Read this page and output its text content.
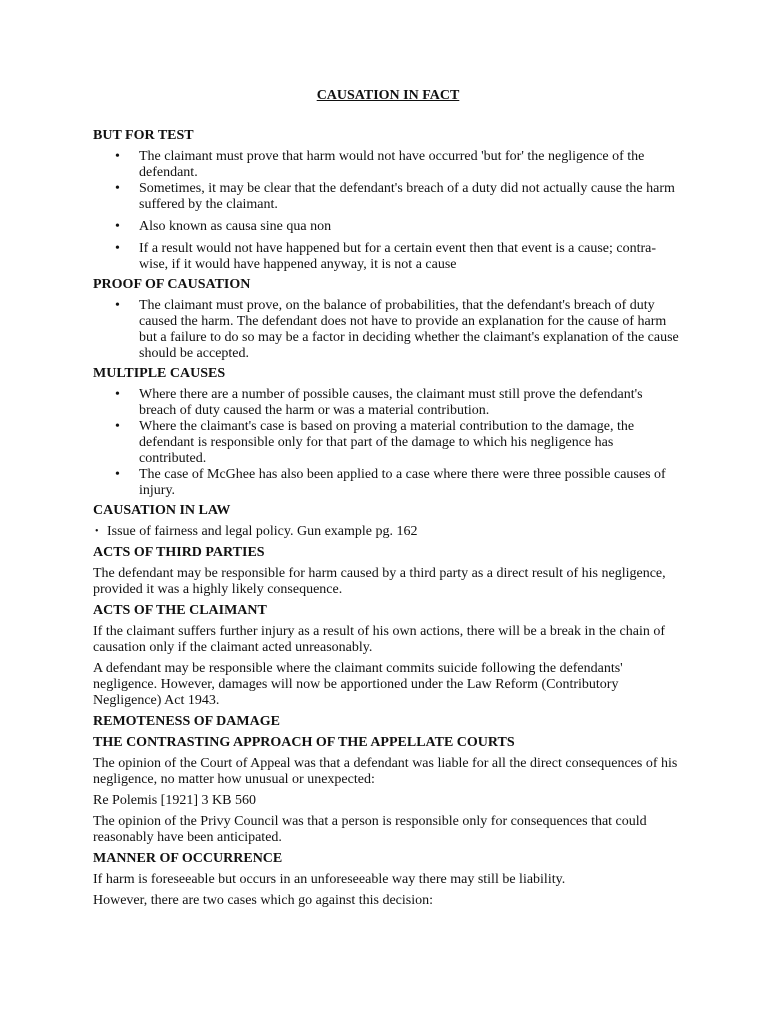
CAUSATION IN FACT
BUT FOR TEST
• The claimant must prove that harm would not have occurred 'but for' the negligence of the defendant.
• Sometimes, it may be clear that the defendant's breach of a duty did not actually cause the harm suffered by the claimant.
• Also known as causa sine qua non
• If a result would not have happened but for a certain event then that event is a cause; contra-wise, if it would have happened anyway, it is not a cause
PROOF OF CAUSATION
• The claimant must prove, on the balance of probabilities, that the defendant's breach of duty caused the harm. The defendant does not have to provide an explanation for the cause of harm but a failure to do so may be a factor in deciding whether the claimant's explanation of the cause should be accepted.
MULTIPLE CAUSES
• Where there are a number of possible causes, the claimant must still prove the defendant's breach of duty caused the harm or was a material contribution.
• Where the claimant's case is based on proving a material contribution to the damage, the defendant is responsible only for that part of the damage to which his negligence has contributed.
• The case of McGhee has also been applied to a case where there were three possible causes of injury.
CAUSATION IN LAW
• Issue of fairness and legal policy. Gun example pg. 162
ACTS OF THIRD PARTIES

The defendant may be responsible for harm caused by a third party as a direct result of his negligence, provided it was a highly likely consequence.

ACTS OF THE CLAIMANT

If the claimant suffers further injury as a result of his own actions, there will be a break in the chain of causation only if the claimant acted unreasonably.

A defendant may be responsible where the claimant commits suicide following the defendants' negligence. However, damages will now be apportioned under the Law Reform (Contributory Negligence) Act 1943.

REMOTENESS OF DAMAGE
THE CONTRASTING APPROACH OF THE APPELLATE COURTS

The opinion of the Court of Appeal was that a defendant was liable for all the direct consequences of his negligence, no matter how unusual or unexpected:

Re Polemis [1921] 3 KB 560

The opinion of the Privy Council was that a person is responsible only for consequences that could reasonably have been anticipated.

MANNER OF OCCURRENCE

If harm is foreseeable but occurs in an unforeseeable way there may still be liability.

However, there are two cases which go against this decision:
